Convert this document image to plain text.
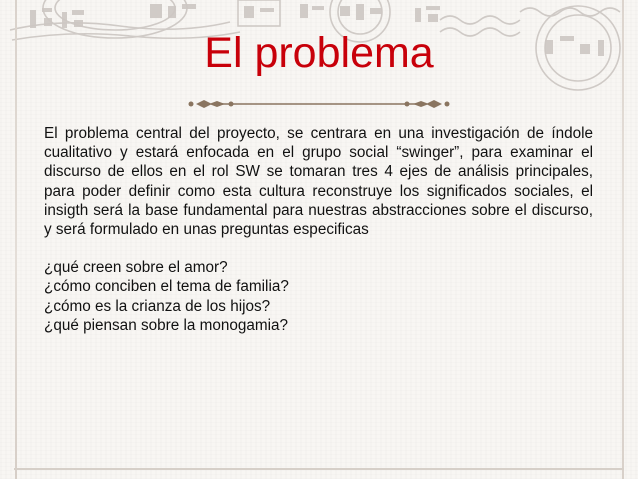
El problema

El problema central del proyecto, se centrara en una investigación de índole cualitativo y estará enfocada en el grupo social “swinger”, para examinar el discurso de ellos en el rol SW se tomaran tres 4 ejes de análisis principales, para poder definir como esta cultura reconstruye los significados sociales, el insigth será la base fundamental para nuestras abstracciones sobre el discurso, y será formulado en unas preguntas especificas

¿qué creen sobre el amor?
¿cómo conciben el tema de familia?
¿cómo es la crianza de los hijos?
¿qué piensan sobre la monogamia?
